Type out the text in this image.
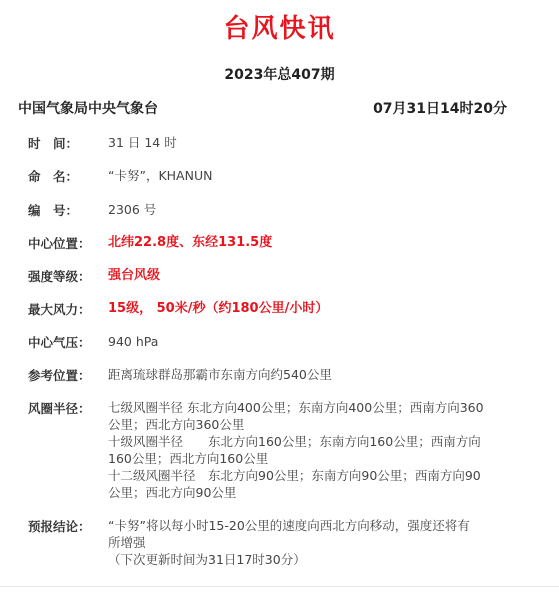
台风快讯
2023年总407期
中国气象局中央气象台	07月31日14时20分
时　间：	31 日 14 时
命　名：	“卡努”，KHANUN
编　号：	2306 号
中心位置：	北纬22.8度、东经131.5度
强度等级：	强台风级
最大风力：	15级， 50米/秒（约180公里/小时）
中心气压：	940 hPa
参考位置：	距离琉球群岛那霸市东南方向约540公里
风圈半径：	七级风圈半径 东北方向400公里；东南方向400公里；西南方向360
公里；西北方向360公里
十级风圈半径　　东北方向160公里；东南方向160公里；西南方向
160公里；西北方向160公里
十二级风圈半径　东北方向90公里；东南方向90公里；西南方向90
公里；西北方向90公里
预报结论：	“卡努”将以每小时15-20公里的速度向西北方向移动，强度还将有
所增强
（下次更新时间为31日17时30分）
